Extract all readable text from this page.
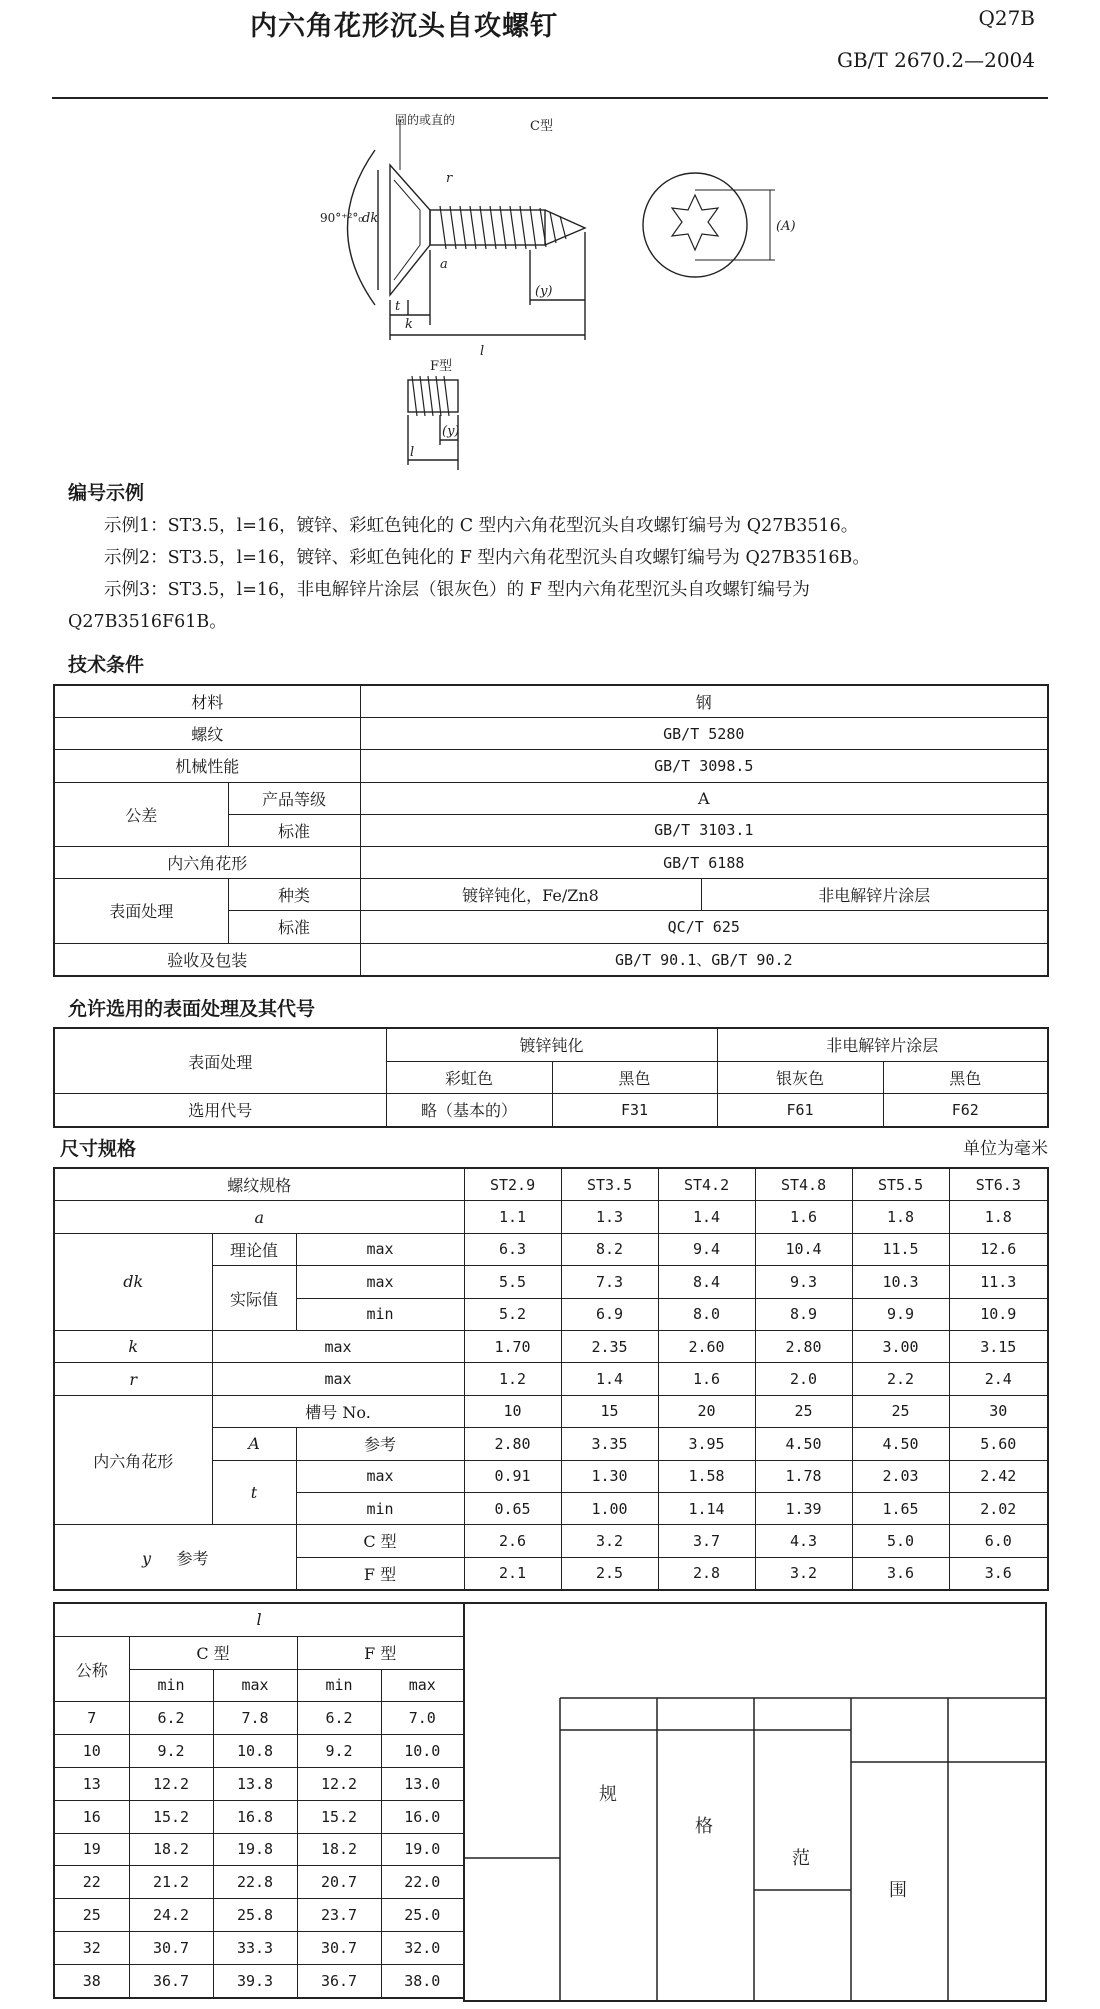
内六角花形沉头自攻螺钉	Q27B
GB/T 2670.2—2004
C型
圆的或直的
90°⁺²°₀
dk
r
a
t
k
(y)
l
(A)
F型
(y)
l
编号示例

示例1：ST3.5，l=16，镀锌、彩虹色钝化的 C 型内六角花型沉头自攻螺钉编号为 Q27B3516。

示例2：ST3.5，l=16，镀锌、彩虹色钝化的 F 型内六角花型沉头自攻螺钉编号为 Q27B3516B。

示例3：ST3.5，l=16，非电解锌片涂层（银灰色）的 F 型内六角花型沉头自攻螺钉编号为

Q27B3516F61B。

技术条件
材料		钢	
螺纹		GB/T 5280	
机械性能		GB/T 3098.5	
公差	产品等级	A	
	标准	GB/T 3103.1	
内六角花形		GB/T 6188	
表面处理	种类	镀锌钝化，Fe/Zn8	非电解锌片涂层
	标准	QC/T 625	
验收及包装		GB/T 90.1、GB/T 90.2	
允许选用的表面处理及其代号
表面处理	镀锌钝化		非电解锌片涂层	
	彩虹色	黑色	银灰色	黑色
选用代号	略（基本的）	F31	F61	F62
尺寸规格	单位为毫米
螺纹规格			ST2.9	ST3.5	ST4.2	ST4.8	ST5.5	ST6.3
a			1.1	1.3	1.4	1.6	1.8	1.8
dk	理论值	max	6.3	8.2	9.4	10.4	11.5	12.6
	实际值	max	5.5	7.3	8.4	9.3	10.3	11.3
		min	5.2	6.9	8.0	8.9	9.9	10.9
k	max		1.70	2.35	2.60	2.80	3.00	3.15
r	max		1.2	1.4	1.6	2.0	2.2	2.4
内六角花形	槽号 No.		10	15	20	25	25	30
	A	参考	2.80	3.35	3.95	4.50	4.50	5.60
	t	max	0.91	1.30	1.58	1.78	2.03	2.42
		min	0.65	1.00	1.14	1.39	1.65	2.02
y 参考		C 型	2.6	3.2	3.7	4.3	5.0	6.0
		F 型	2.1	2.5	2.8	3.2	3.6	3.6
l				
公称	C 型		F 型	
	min	max	min	max
7	6.2	7.8	6.2	7.0
10	9.2	10.8	9.2	10.0
13	12.2	13.8	12.2	13.0
16	15.2	16.8	15.2	16.0
19	18.2	19.8	18.2	19.0
22	21.2	22.8	20.7	22.0
25	24.2	25.8	23.7	25.0
32	30.7	33.3	30.7	32.0
38	36.7	39.3	36.7	38.0
规
格
范
围
